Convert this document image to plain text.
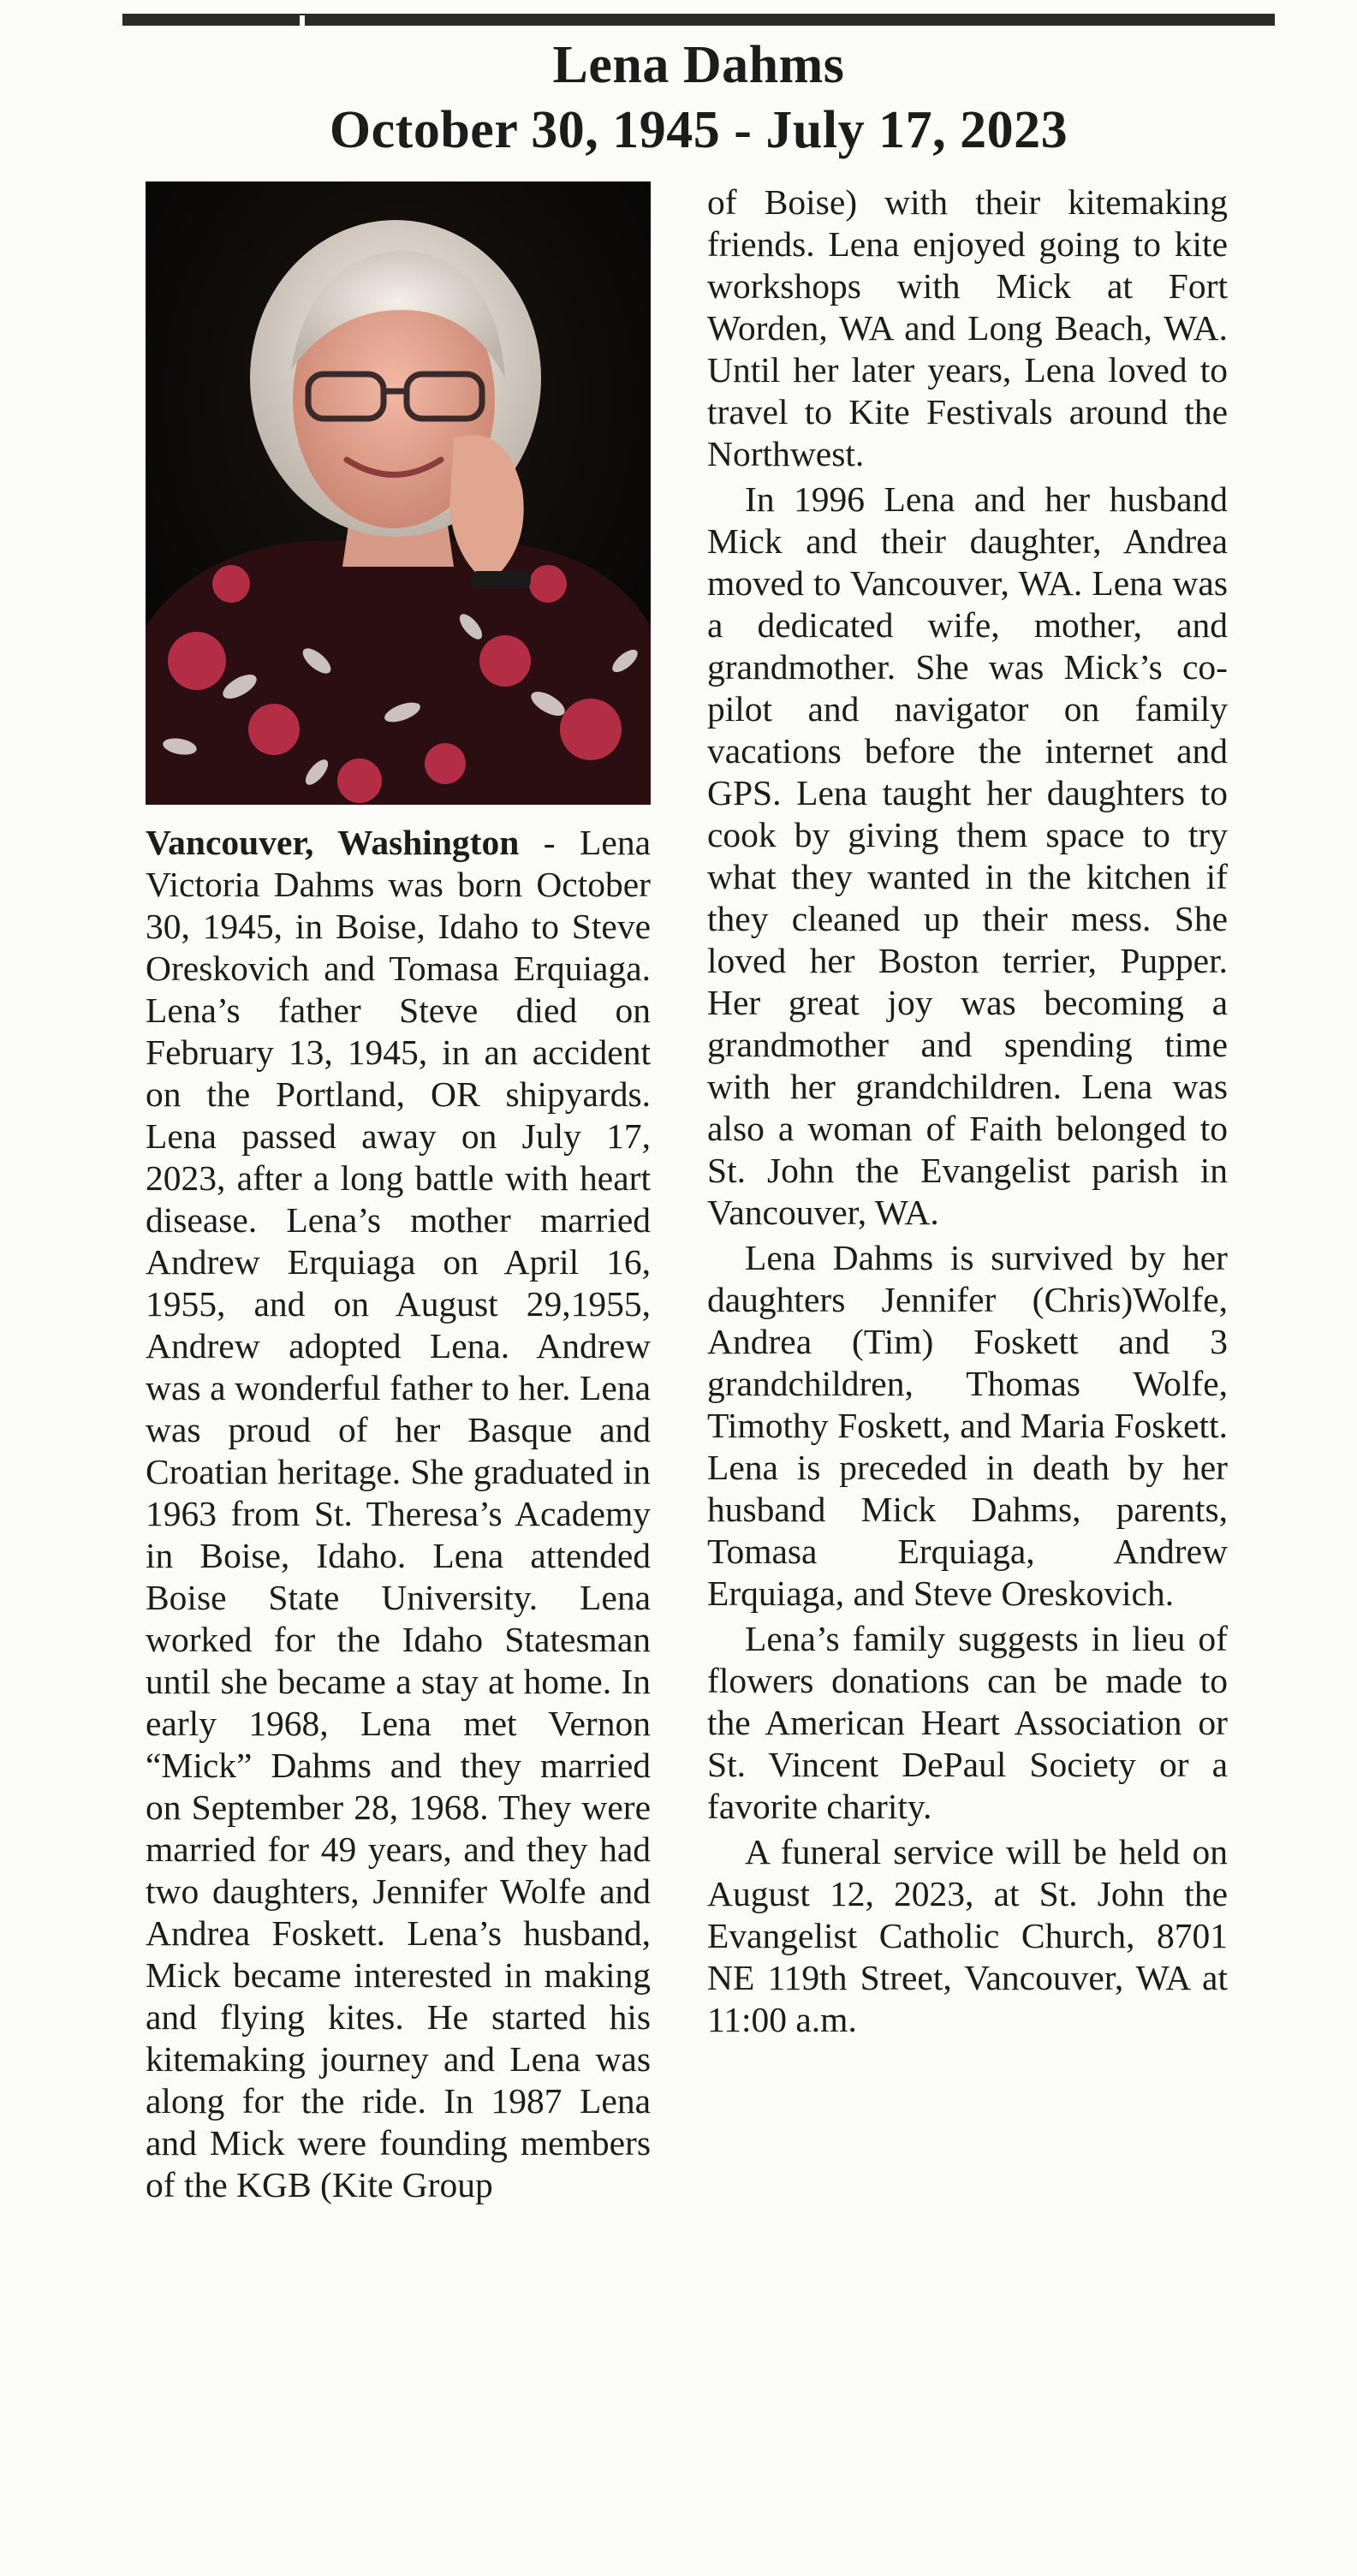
Lena Dahms
October 30, 1945 - July 17, 2023

Vancouver, Washington - Lena Victoria Dahms was born October 30, 1945, in Boise, Idaho to Steve Oreskovich and Tomasa Erquiaga. Lena’s father Steve died on February 13, 1945, in an accident on the Portland, OR shipyards. Lena passed away on July 17, 2023, after a long battle with heart disease. Lena’s mother married Andrew Erquiaga on April 16, 1955, and on August 29,1955, Andrew adopted Lena. Andrew was a wonderful father to her. Lena was proud of her Basque and Croatian heritage. She graduated in 1963 from St. Theresa’s Academy in Boise, Idaho. Lena attended Boise State University. Lena worked for the Idaho Statesman until she became a stay at home. In early 1968, Lena met Vernon “Mick” Dahms and they married on September 28, 1968. They were married for 49 years, and they had two daughters, Jennifer Wolfe and Andrea Foskett. Lena’s husband, Mick became interested in making and flying kites. He started his kitemaking journey and Lena was along for the ride. In 1987 Lena and Mick were founding members of the KGB (Kite Group

of Boise) with their kitemaking friends. Lena enjoyed going to kite workshops with Mick at Fort Worden, WA and Long Beach, WA. Until her later years, Lena loved to travel to Kite Festivals around the Northwest.

In 1996 Lena and her husband Mick and their daughter, Andrea moved to Vancouver, WA. Lena was a dedicated wife, mother, and grandmother. She was Mick’s co-pilot and navigator on family vacations before the internet and GPS. Lena taught her daughters to cook by giving them space to try what they wanted in the kitchen if they cleaned up their mess. She loved her Boston terrier, Pupper. Her great joy was becoming a grandmother and spending time with her grandchildren. Lena was also a woman of Faith belonged to St. John the Evangelist parish in Vancouver, WA.

Lena Dahms is survived by her daughters Jennifer (Chris)Wolfe, Andrea (Tim) Foskett and 3 grandchildren, Thomas Wolfe, Timothy Foskett, and Maria Foskett. Lena is preceded in death by her husband Mick Dahms, parents, Tomasa Erquiaga, Andrew Erquiaga, and Steve Oreskovich.

Lena’s family suggests in lieu of flowers donations can be made to the American Heart Association or St. Vincent DePaul Society or a favorite charity.

A funeral service will be held on August 12, 2023, at St. John the Evangelist Catholic Church, 8701 NE 119th Street, Vancouver, WA at 11:00 a.m.
